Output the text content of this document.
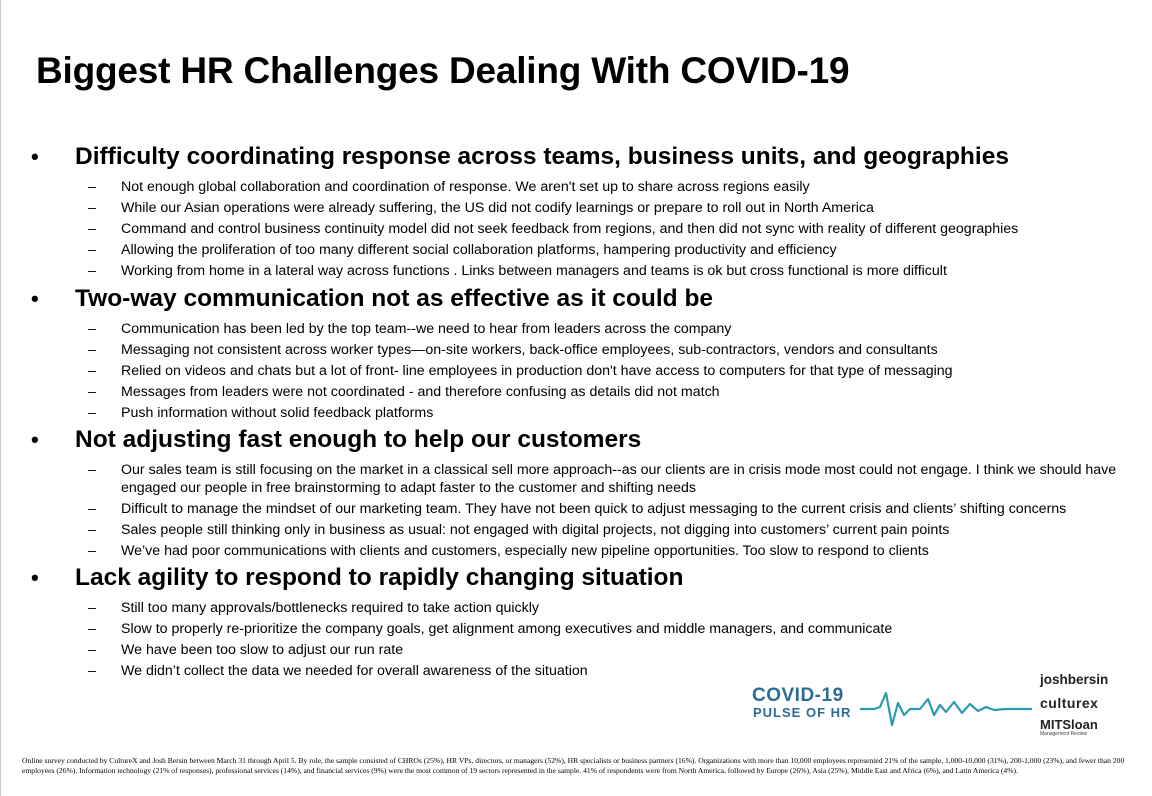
Biggest HR Challenges Dealing With COVID-19
• Difficulty coordinating response across teams, business units, and geographies
– Not enough global collaboration and coordination of response. We aren't set up to share across regions easily
– While our Asian operations were already suffering, the US did not codify learnings or prepare to roll out in North America
– Command and control business continuity model did not seek feedback from regions, and then did not sync with reality of different geographies
– Allowing the proliferation of too many different social collaboration platforms, hampering productivity and efficiency
– Working from home in a lateral way across functions . Links between managers and teams is ok but cross functional is more difficult
• Two-way communication not as effective as it could be
– Communication has been led by the top team--we need to hear from leaders across the company
– Messaging not consistent across worker types—on-site workers, back-office employees, sub-contractors, vendors and consultants
– Relied on videos and chats but a lot of front- line employees in production don't have access to computers for that type of messaging
– Messages from leaders were not coordinated - and therefore confusing as details did not match
– Push information without solid feedback platforms
• Not adjusting fast enough to help our customers
– Our sales team is still focusing on the market in a classical sell more approach--as our clients are in crisis mode most could not engage. I think we should have engaged our people in free brainstorming to adapt faster to the customer and shifting needs
– Difficult to manage the mindset of our marketing team. They have not been quick to adjust messaging to the current crisis and clients’ shifting concerns
– Sales people still thinking only in business as usual: not engaged with digital projects, not digging into customers’ current pain points
– We’ve had poor communications with clients and customers, especially new pipeline opportunities. Too slow to respond to clients
• Lack agility to respond to rapidly changing situation
– Still too many approvals/bottlenecks required to take action quickly
– Slow to properly re-prioritize the company goals, get alignment among executives and middle managers, and communicate
– We have been too slow to adjust our run rate
– We didn’t collect the data we needed for overall awareness of the situation
COVID-19
PULSE OF HR
joshbersin
culturex
MITSloan
Management Review
Online survey conducted by CultureX and Josh Bersin between March 31 through April 5. By role, the sample consisted of CHROs (25%), HR VPs, directors, or managers (52%), HR specialists or business partners (16%). Organizations with more than 10,000 employees represented 21% of the sample, 1,000-10,000 (31%), 200-1,000 (23%), and fewer than 200 employees (26%). Information technology (21% of responses), professional services (14%), and financial services (9%) were the most common of 19 sectors represented in the sample. 41% of respondents were from North America, followed by Europe (26%), Asia (25%), Middle East and Africa (6%), and Latin America (4%).
